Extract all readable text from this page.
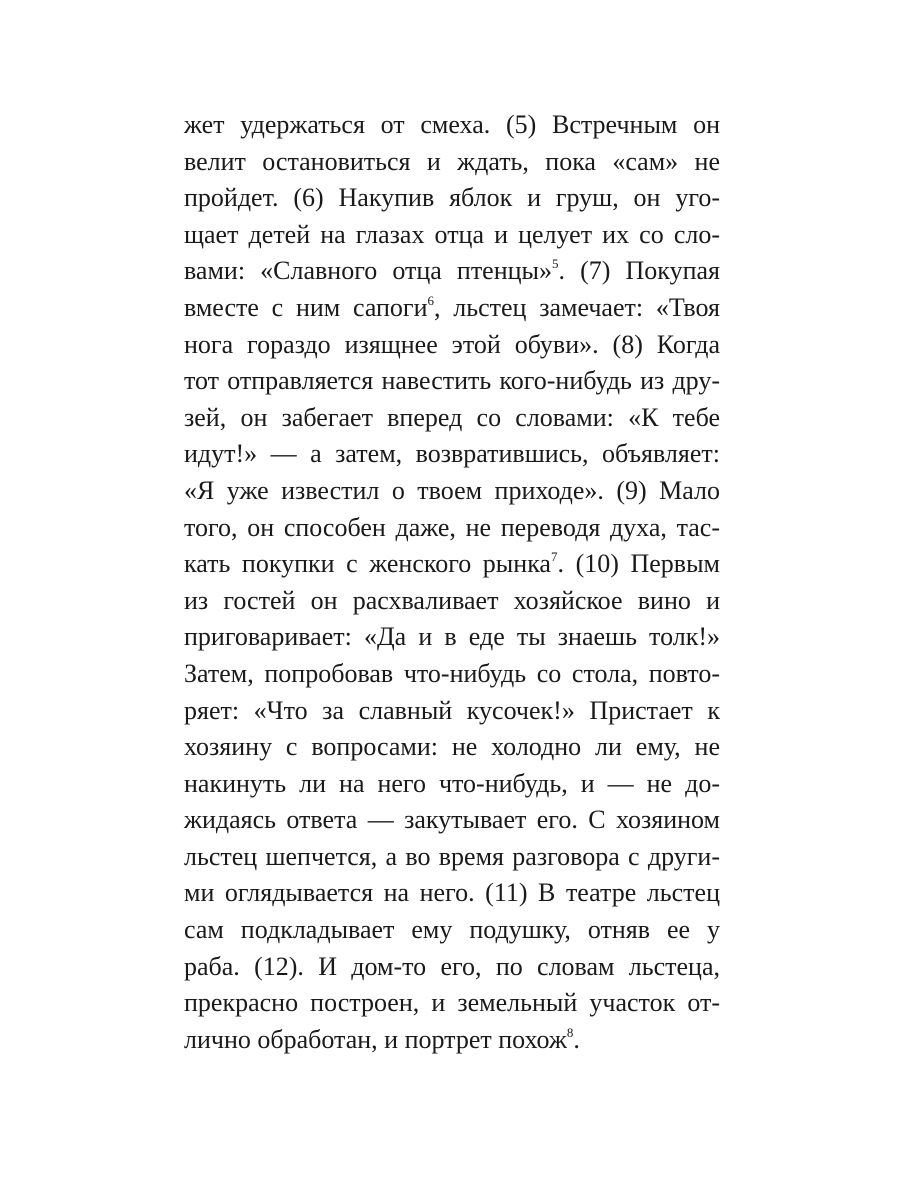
жет удержаться от смеха. (5) Встречным он
велит остановиться и ждать, пока «сам» не
пройдет. (6) Накупив яблок и груш, он уго-
щает детей на глазах отца и целует их со сло-
вами: «Славного отца птенцы»$^5$. (7) Покупая
вместе с ним сапоги$^6$, льстец замечает: «Твоя
нога гораздо изящнее этой обуви». (8) Когда
тот отправляется навестить кого-нибудь из дру-
зей, он забегает вперед со словами: «К тебе
идут!» — а затем, возвратившись, объявляет:
«Я уже известил о твоем приходе». (9) Мало
того, он способен даже, не переводя духа, тас-
кать покупки с женского рынка$^7$. (10) Первым
из гостей он расхваливает хозяйское вино и
приговаривает: «Да и в еде ты знаешь толк!»
Затем, попробовав что-нибудь со стола, повто-
ряет: «Что за славный кусочек!» Пристает к
хозяину с вопросами: не холодно ли ему, не
накинуть ли на него что-нибудь, и — не до-
жидаясь ответа — закутывает его. С хозяином
льстец шепчется, а во время разговора с други-
ми оглядывается на него. (11) В театре льстец
сам подкладывает ему подушку, отняв ее у
раба. (12). И дом-то его, по словам льстеца,
прекрасно построен, и земельный участок от-
лично обработан, и портрет похож$^8$.
